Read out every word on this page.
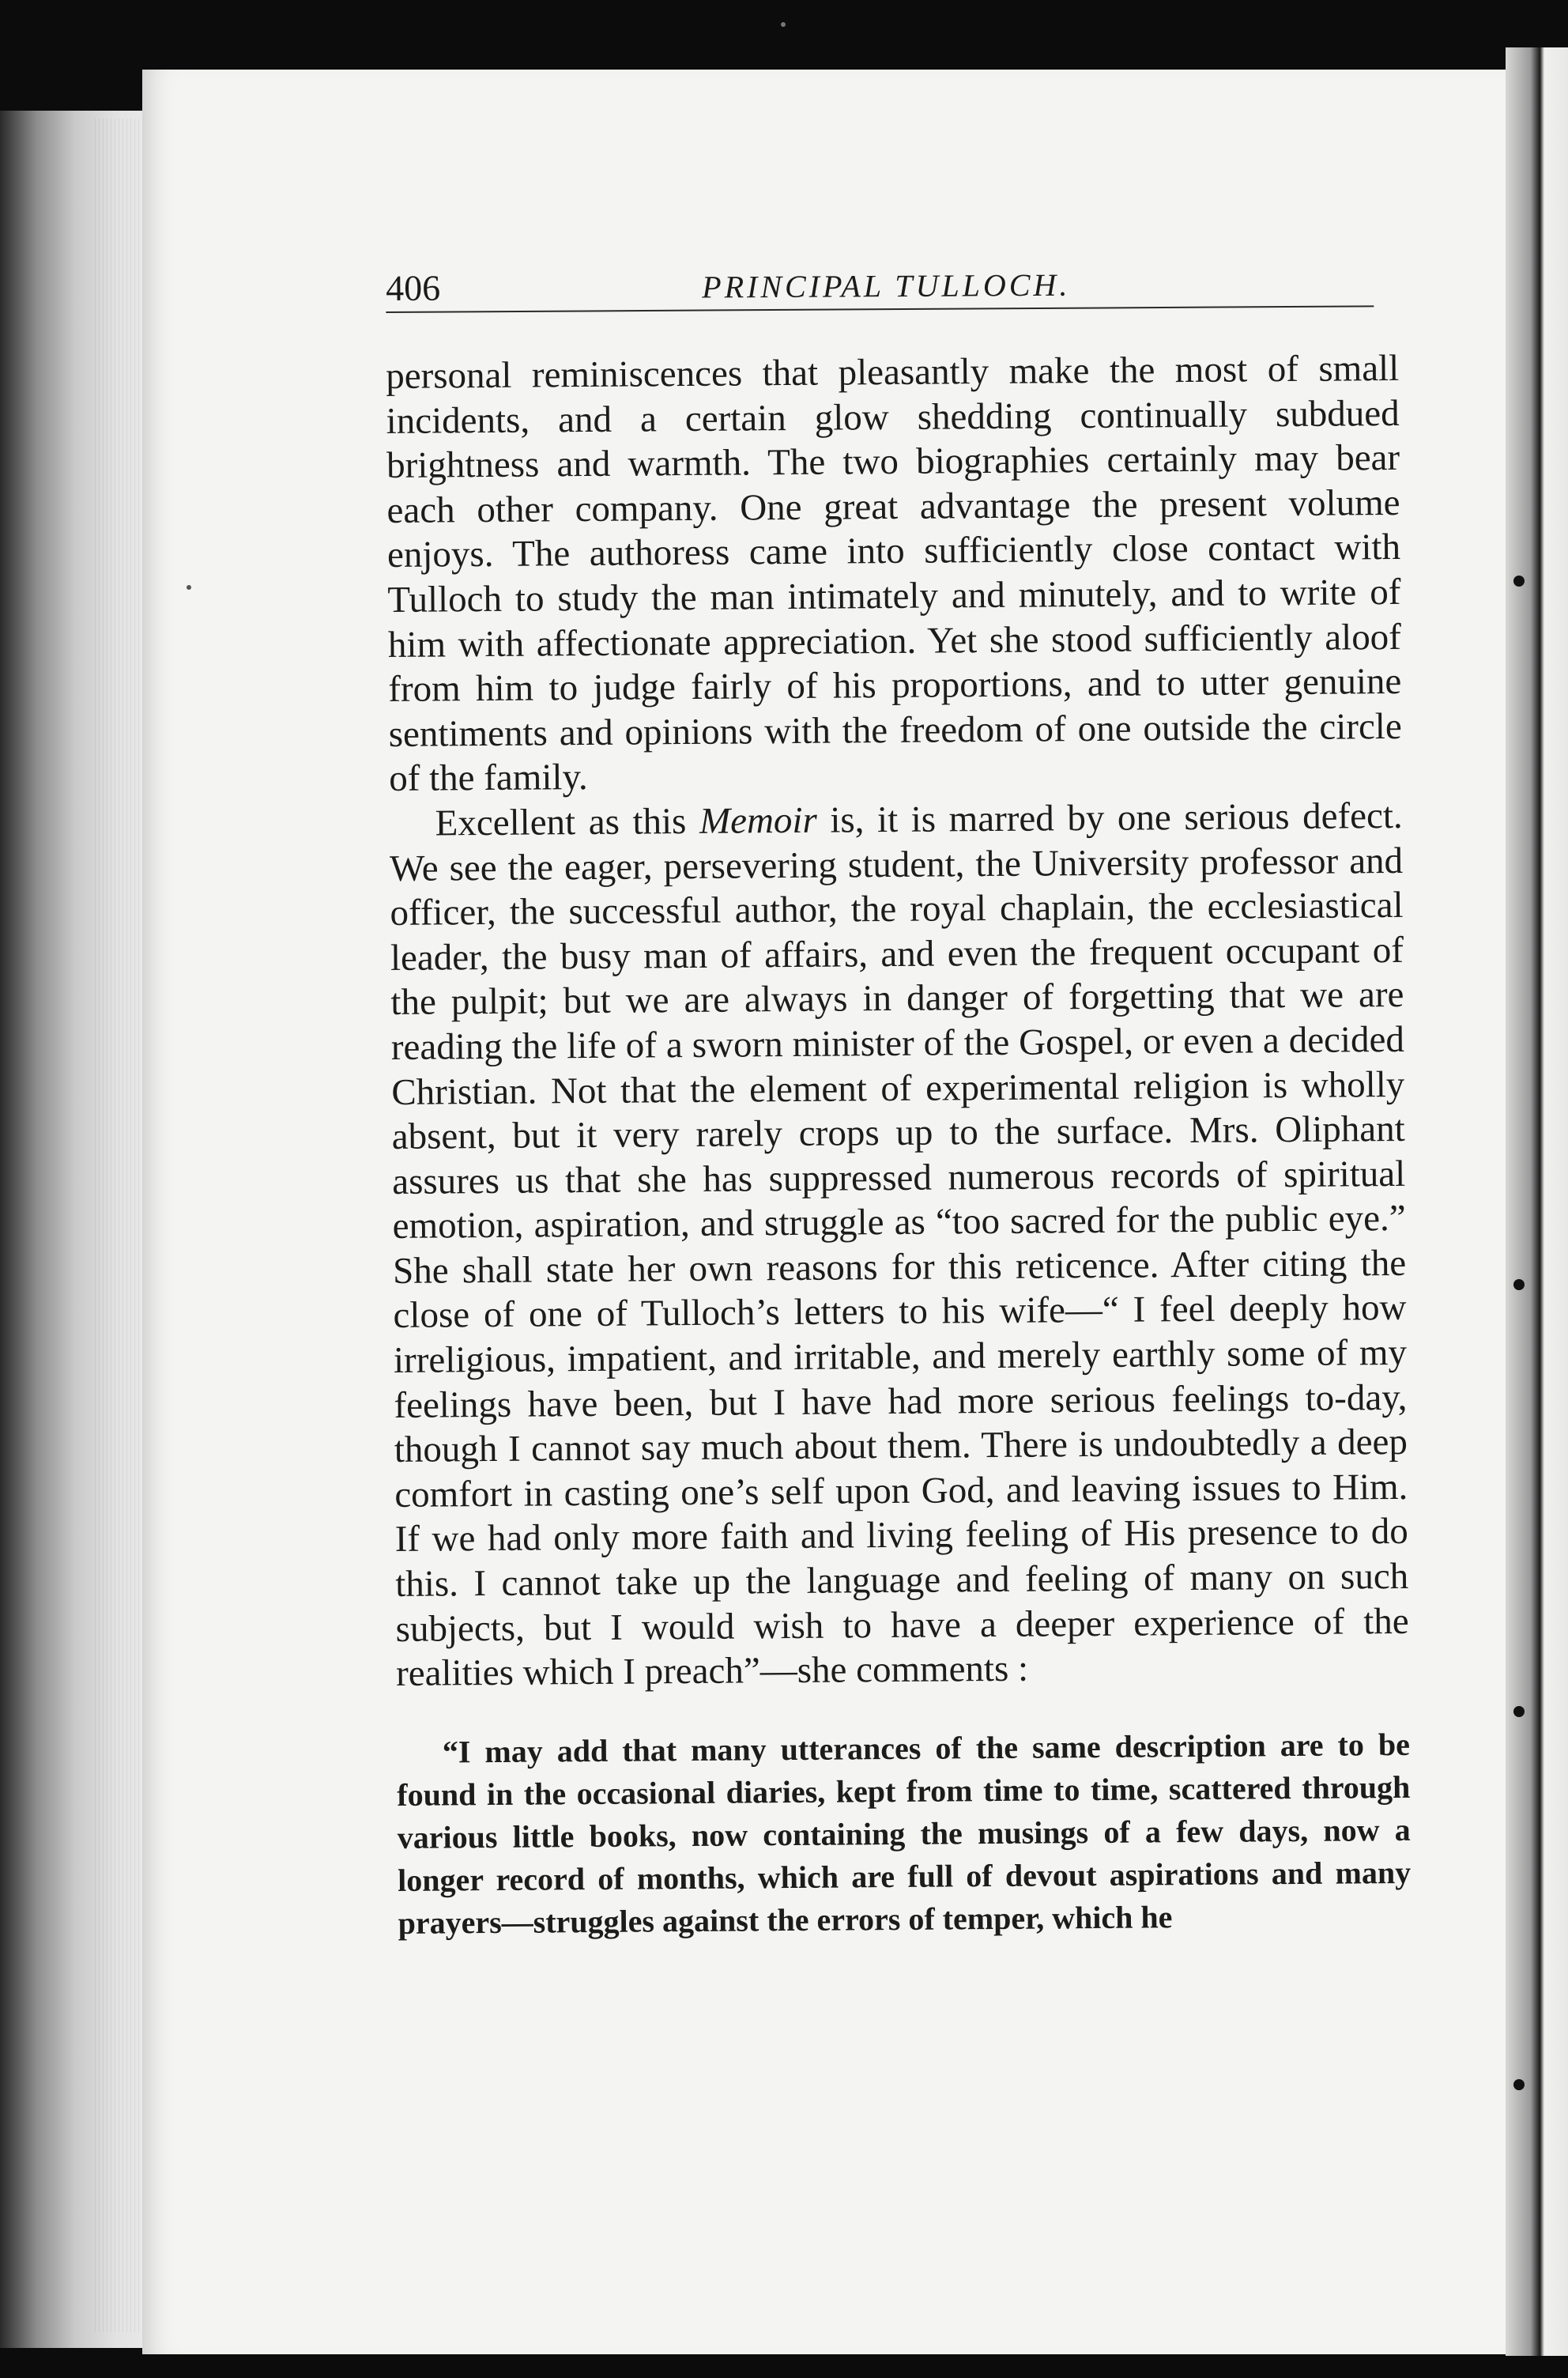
406	PRINCIPAL TULLOCH.

personal reminiscences that pleasantly make the most of small incidents, and a certain glow shedding continually subdued brightness and warmth. The two biographies certainly may bear each other company. One great advantage the present volume enjoys. The authoress came into sufficiently close contact with Tulloch to study the man intimately and minutely, and to write of him with affectionate appreciation. Yet she stood sufficiently aloof from him to judge fairly of his proportions, and to utter genuine sentiments and opinions with the freedom of one outside the circle of the family.

Excellent as this Memoir is, it is marred by one serious defect. We see the eager, persevering student, the University professor and officer, the successful author, the royal chaplain, the ecclesiastical leader, the busy man of affairs, and even the frequent occupant of the pulpit; but we are always in danger of forgetting that we are reading the life of a sworn minister of the Gospel, or even a decided Christian. Not that the element of experimental religion is wholly absent, but it very rarely crops up to the surface. Mrs. Oliphant assures us that she has suppressed numerous records of spiritual emotion, aspiration, and struggle as “too sacred for the public eye.” She shall state her own reasons for this reticence. After citing the close of one of Tulloch’s letters to his wife—“ I feel deeply how irreligious, impatient, and irritable, and merely earthly some of my feelings have been, but I have had more serious feelings to-day, though I cannot say much about them. There is undoubtedly a deep comfort in casting one’s self upon God, and leaving issues to Him. If we had only more faith and living feeling of His presence to do this. I cannot take up the language and feeling of many on such subjects, but I would wish to have a deeper experience of the realities which I preach”—she comments :

“I may add that many utterances of the same description are to be found in the occasional diaries, kept from time to time, scattered through various little books, now containing the musings of a few days, now a longer record of months, which are full of devout aspirations and many prayers—struggles against the errors of temper, which he
